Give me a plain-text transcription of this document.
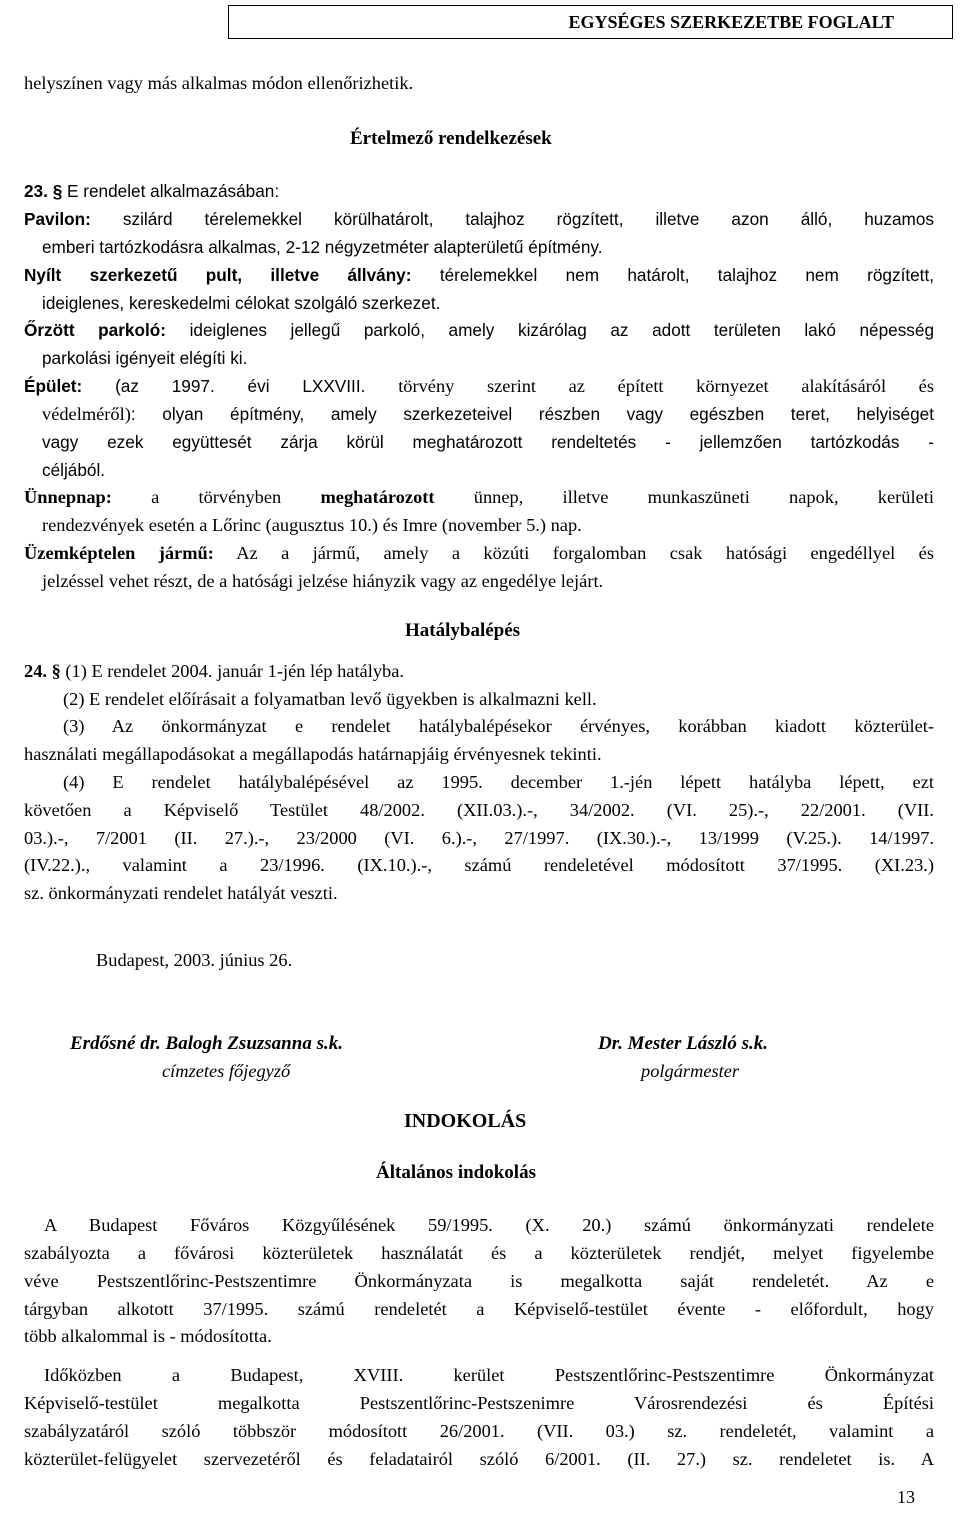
EGYSÉGES SZERKEZETBE FOGLALT
helyszínen vagy más alkalmas módon ellenőrizhetik.
Értelmező rendelkezések
23. § E rendelet alkalmazásában:
Pavilon: szilárd térelemekkel körülhatárolt, talajhoz rögzített, illetve azon álló, huzamos
emberi tartózkodásra alkalmas, 2-12 négyzetméter alapterületű építmény.
Nyílt szerkezetű pult, illetve állvány: térelemekkel nem határolt, talajhoz nem rögzített,
ideiglenes, kereskedelmi célokat szolgáló szerkezet.
Őrzött parkoló: ideiglenes jellegű parkoló, amely kizárólag az adott területen lakó népesség
parkolási igényeit elégíti ki.
Épület: (az 1997. évi LXXVIII. törvény szerint az épített környezet alakításáról és
védelméről): olyan építmény, amely szerkezeteivel részben vagy egészben teret, helyiséget
vagy ezek együttesét zárja körül meghatározott rendeltetés - jellemzően tartózkodás -
céljából.
Ünnepnap: a törvényben meghatározott ünnep, illetve munkaszüneti napok, kerületi
rendezvények esetén a Lőrinc (augusztus 10.) és Imre (november 5.) nap.
Üzemképtelen jármű: Az a jármű, amely a közúti forgalomban csak hatósági engedéllyel és
jelzéssel vehet részt, de a hatósági jelzése hiányzik vagy az engedélye lejárt.
Hatálybalépés
24. § (1) E rendelet 2004. január 1-jén lép hatályba.
(2) E rendelet előírásait a folyamatban levő ügyekben is alkalmazni kell.
(3) Az önkormányzat e rendelet hatálybalépésekor érvényes, korábban kiadott közterület-
használati megállapodásokat a megállapodás határnapjáig érvényesnek tekinti.
(4) E rendelet hatálybalépésével az 1995. december 1.-jén lépett hatályba lépett, ezt
követően a Képviselő Testület 48/2002. (XII.03.).-, 34/2002. (VI. 25).-, 22/2001. (VII.
03.).-, 7/2001 (II. 27.).-, 23/2000 (VI. 6.).-, 27/1997. (IX.30.).-, 13/1999 (V.25.). 14/1997.
(IV.22.)., valamint a 23/1996. (IX.10.).-, számú rendeletével módosított 37/1995. (XI.23.)
sz. önkormányzati rendelet hatályát veszti.
Budapest, 2003. június 26.
Erdősné dr. Balogh Zsuzsanna s.k.
címzetes főjegyző
Dr. Mester László s.k.
polgármester
INDOKOLÁS
Általános indokolás
A Budapest Főváros Közgyűlésének 59/1995. (X. 20.) számú önkormányzati rendelete
szabályozta a fővárosi közterületek használatát és a közterületek rendjét, melyet figyelembe
véve Pestszentlőrinc-Pestszentimre Önkormányzata is megalkotta saját rendeletét. Az e
tárgyban alkotott 37/1995. számú rendeletét a Képviselő-testület évente - előfordult, hogy
több alkalommal is - módosította.
Időközben a Budapest, XVIII. kerület Pestszentlőrinc-Pestszentimre Önkormányzat
Képviselő-testület megalkotta Pestszentlőrinc-Pestszenimre Városrendezési és Építési
szabályzatáról szóló többször módosított 26/2001. (VII. 03.) sz. rendeletét, valamint a
közterület-felügyelet szervezetéről és feladatairól szóló 6/2001. (II. 27.) sz. rendeletet is. A
13
